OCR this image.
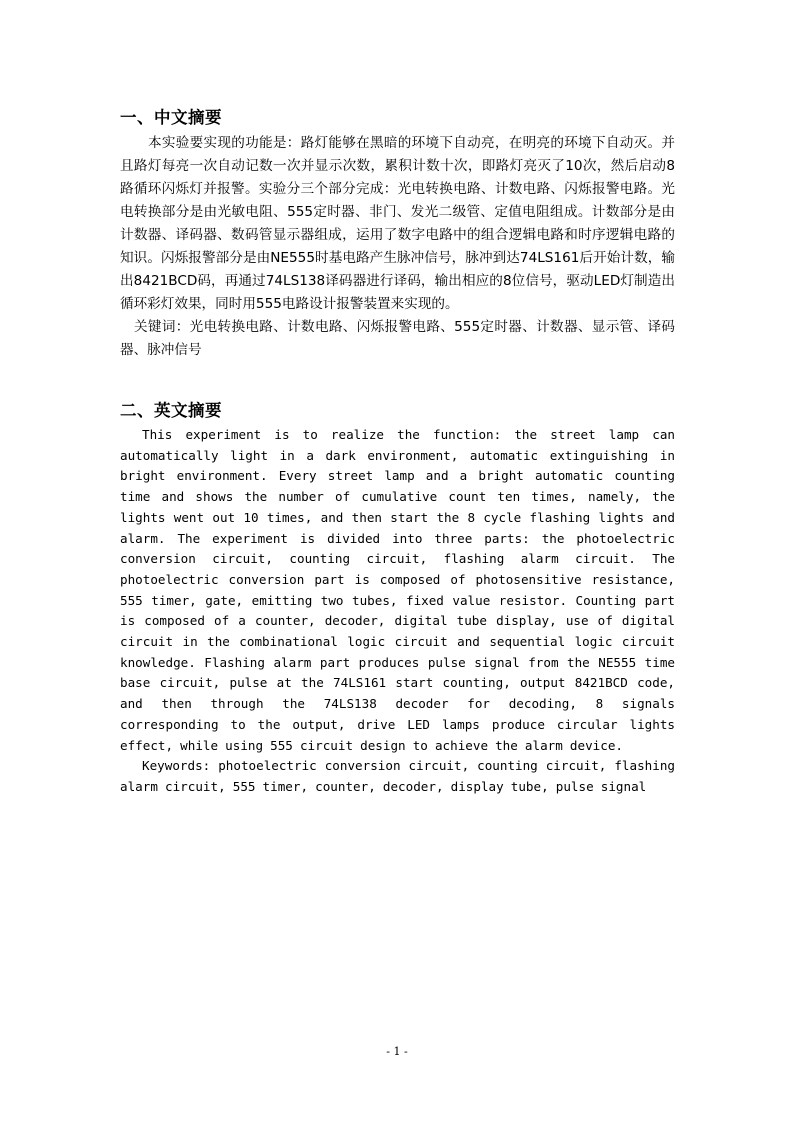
一、中文摘要

本实验要实现的功能是：路灯能够在黑暗的环境下自动亮，在明亮的环境下自动灭。并且路灯每亮一次自动记数一次并显示次数，累积计数十次，即路灯亮灭了10次，然后启动8路循环闪烁灯并报警。实验分三个部分完成：光电转换电路、计数电路、闪烁报警电路。光电转换部分是由光敏电阻、555定时器、非门、发光二级管、定值电阻组成。计数部分是由计数器、译码器、数码管显示器组成，运用了数字电路中的组合逻辑电路和时序逻辑电路的知识。闪烁报警部分是由NE555时基电路产生脉冲信号，脉冲到达74LS161后开始计数，输出8421BCD码，再通过74LS138译码器进行译码，输出相应的8位信号，驱动LED灯制造出循环彩灯效果，同时用555电路设计报警装置来实现的。

关键词：光电转换电路、计数电路、闪烁报警电路、555定时器、计数器、显示管、译码器、脉冲信号

二、英文摘要

This experiment is to realize the function: the street lamp can automatically light in a dark environment, automatic extinguishing in bright environment. Every street lamp and a bright automatic counting time and shows the number of cumulative count ten times, namely, the lights went out 10 times, and then start the 8 cycle flashing lights and alarm. The experiment is divided into three parts: the photoelectric conversion circuit, counting circuit, flashing alarm circuit. The photoelectric conversion part is composed of photosensitive resistance, 555 timer, gate, emitting two tubes, fixed value resistor. Counting part is composed of a counter, decoder, digital tube display, use of digital circuit in the combinational logic circuit and sequential logic circuit knowledge. Flashing alarm part produces pulse signal from the NE555 time base circuit, pulse at the 74LS161 start counting, output 8421BCD code, and then through the 74LS138 decoder for decoding, 8 signals corresponding to the output, drive LED lamps produce circular lights effect, while using 555 circuit design to achieve the alarm device.

Keywords: photoelectric conversion circuit, counting circuit, flashing alarm circuit, 555 timer, counter, decoder, display tube, pulse signal

- 1 -
